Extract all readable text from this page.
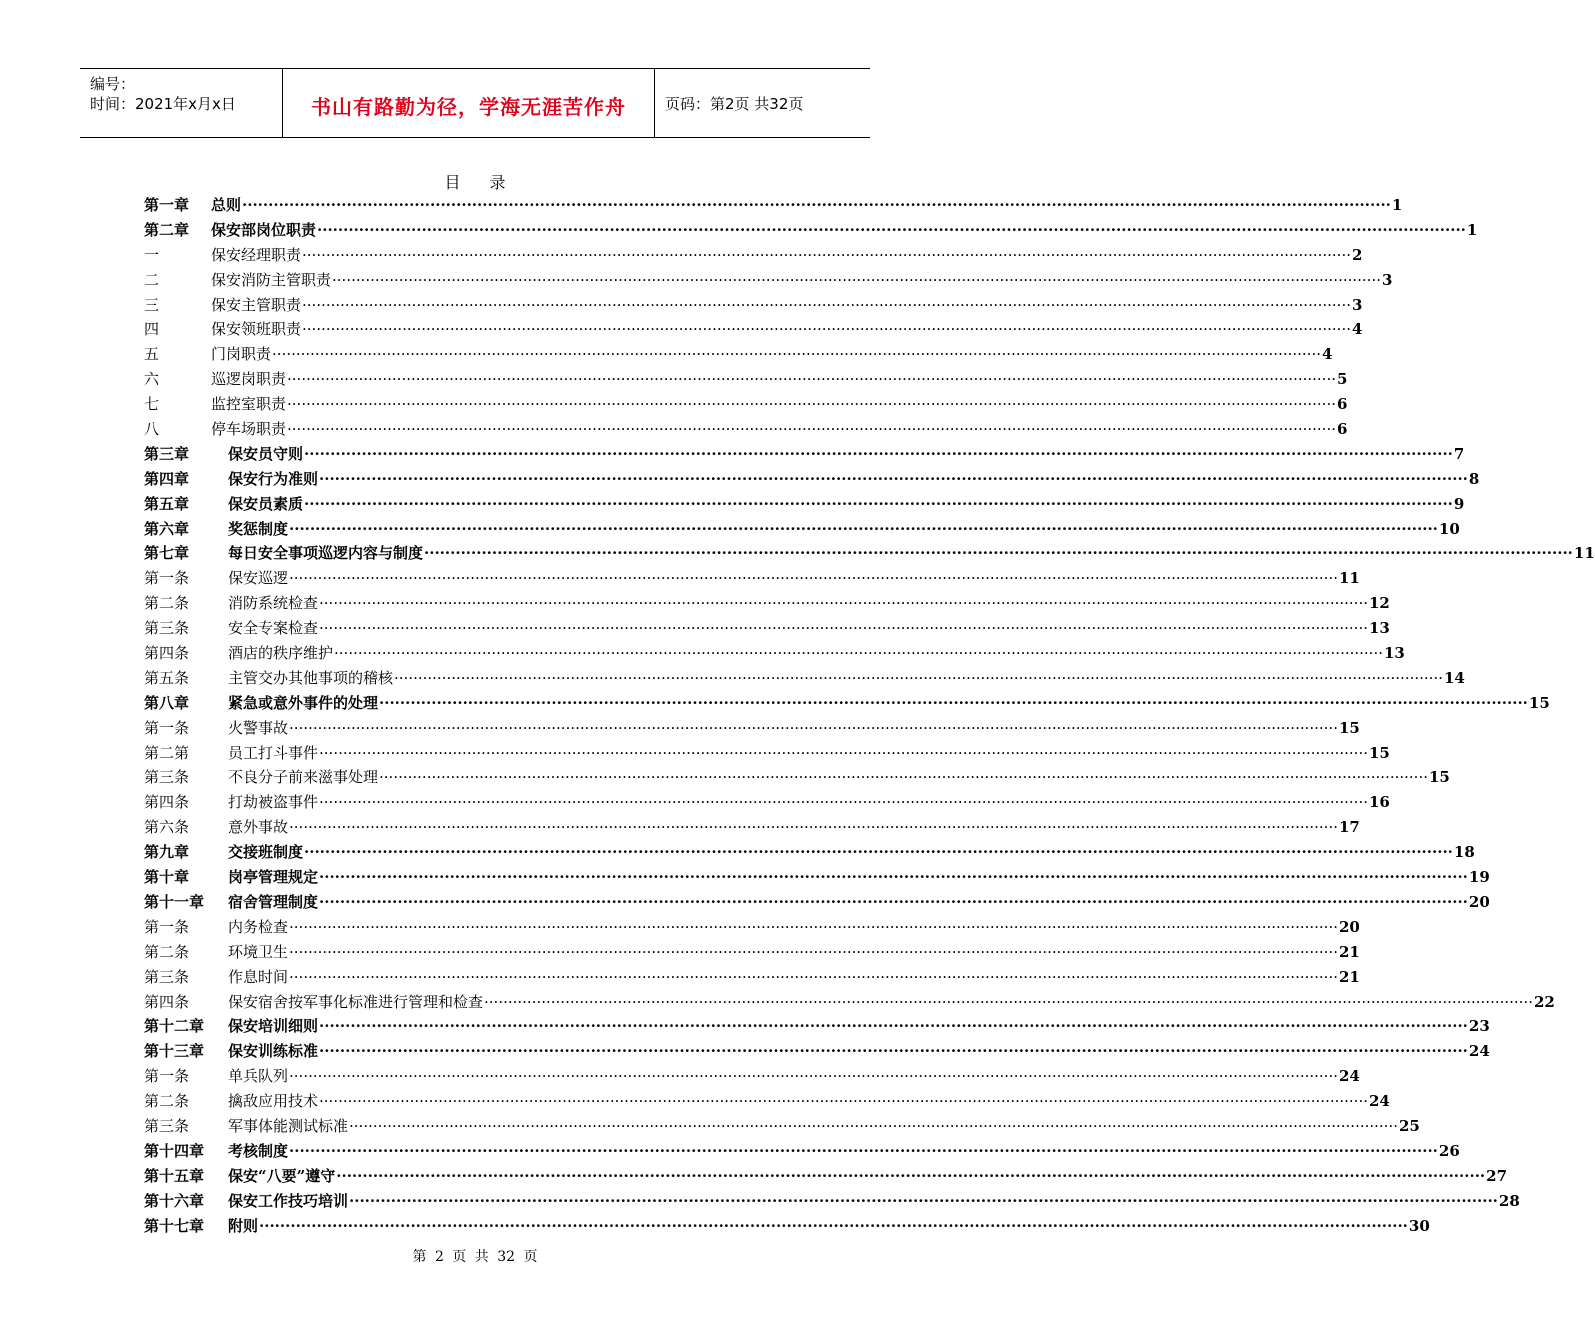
编号：
时间：2021年x月x日	书山有路勤为径，学海无涯苦作舟	页码：第2页 共32页
目 录
第一章	总则 ···························································································································································································································· 1
第二章	保安部岗位职责 ···························································································································································································································· 1
一	保安经理职责 ···························································································································································································································· 2
二	保安消防主管职责 ···························································································································································································································· 3
三	保安主管职责 ···························································································································································································································· 3
四	保安领班职责 ···························································································································································································································· 4
五	门岗职责 ···························································································································································································································· 4
六	巡逻岗职责 ···························································································································································································································· 5
七	监控室职责 ···························································································································································································································· 6
八	停车场职责 ···························································································································································································································· 6
第三章	保安员守则 ···························································································································································································································· 7
第四章	保安行为准则 ···························································································································································································································· 8
第五章	保安员素质 ···························································································································································································································· 9
第六章	奖惩制度 ···························································································································································································································· 10
第七章	每日安全事项巡逻内容与制度 ···························································································································································································································· 11
第一条	保安巡逻 ···························································································································································································································· 11
第二条	消防系统检查 ···························································································································································································································· 12
第三条	安全专案检查 ···························································································································································································································· 13
第四条	酒店的秩序维护 ···························································································································································································································· 13
第五条	主管交办其他事项的稽核 ···························································································································································································································· 14
第八章	紧急或意外事件的处理 ···························································································································································································································· 15
第一条	火警事故 ···························································································································································································································· 15
第二第	员工打斗事件 ···························································································································································································································· 15
第三条	不良分子前来滋事处理 ···························································································································································································································· 15
第四条	打劫被盗事件 ···························································································································································································································· 16
第六条	意外事故 ···························································································································································································································· 17
第九章	交接班制度 ···························································································································································································································· 18
第十章	岗亭管理规定 ···························································································································································································································· 19
第十一章	宿舍管理制度 ···························································································································································································································· 20
第一条	内务检查 ···························································································································································································································· 20
第二条	环境卫生 ···························································································································································································································· 21
第三条	作息时间 ···························································································································································································································· 21
第四条	保安宿舍按军事化标准进行管理和检查 ···························································································································································································································· 22
第十二章	保安培训细则 ···························································································································································································································· 23
第十三章	保安训练标准 ···························································································································································································································· 24
第一条	单兵队列 ···························································································································································································································· 24
第二条	擒敌应用技术 ···························································································································································································································· 24
第三条	军事体能测试标准 ···························································································································································································································· 25
第十四章	考核制度 ···························································································································································································································· 26
第十五章	保安“八要”遵守 ···························································································································································································································· 27
第十六章	保安工作技巧培训 ···························································································································································································································· 28
第十七章	附则 ···························································································································································································································· 30
第 2 页 共 32 页
